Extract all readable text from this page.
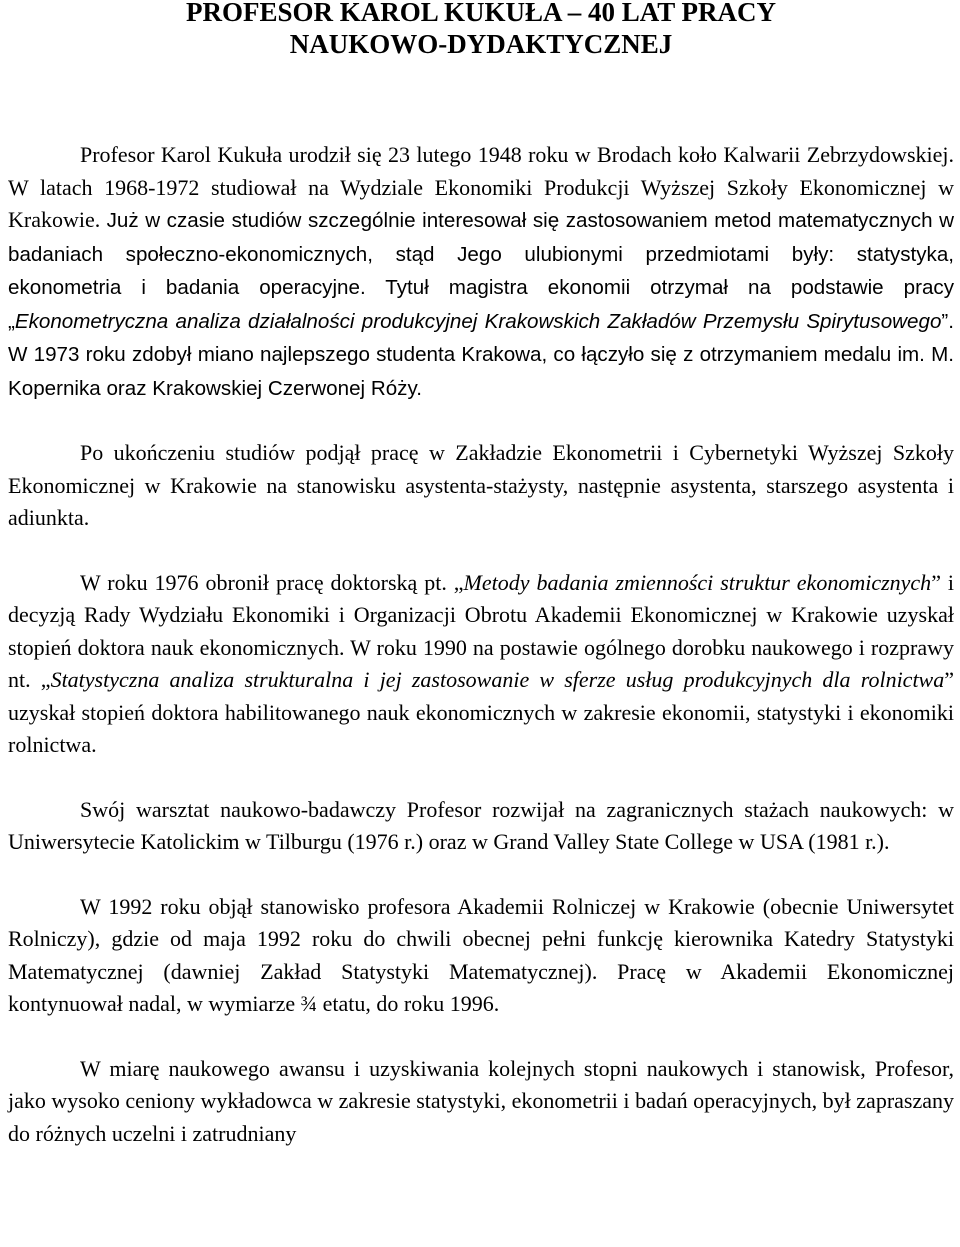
PROFESOR KAROL KUKUŁA – 40 LAT PRACY
NAUKOWO-DYDAKTYCZNEJ

Profesor Karol Kukuła urodził się 23 lutego 1948 roku w Brodach koło Kalwarii Zebrzydowskiej. W latach 1968-1972 studiował na Wydziale Ekonomiki Produkcji Wyższej Szkoły Ekonomicznej w Krakowie. Już w czasie studiów szczególnie interesował się zastosowaniem metod matematycznych w badaniach społeczno-ekonomicznych, stąd Jego ulubionymi przedmiotami były: statystyka, ekonometria i badania operacyjne. Tytuł magistra ekonomii otrzymał na podstawie pracy „Ekonometryczna analiza działalności produkcyjnej Krakowskich Zakładów Przemysłu Spirytusowego”. W 1973 roku zdobył miano najlepszego studenta Krakowa, co łączyło się z otrzymaniem medalu im. M. Kopernika oraz Krakowskiej Czerwonej Róży.

Po ukończeniu studiów podjął pracę w Zakładzie Ekonometrii i Cybernetyki Wyższej Szkoły Ekonomicznej w Krakowie na stanowisku asystenta-stażysty, następnie asystenta, starszego asystenta i adiunkta.

W roku 1976 obronił pracę doktorską pt. „Metody badania zmienności struktur ekonomicznych” i decyzją Rady Wydziału Ekonomiki i Organizacji Obrotu Akademii Ekonomicznej w Krakowie uzyskał stopień doktora nauk ekonomicznych. W roku 1990 na postawie ogólnego dorobku naukowego i rozprawy nt. „Statystyczna analiza strukturalna i jej zastosowanie w sferze usług produkcyjnych dla rolnictwa” uzyskał stopień doktora habilitowanego nauk ekonomicznych w zakresie ekonomii, statystyki i ekonomiki rolnictwa.

Swój warsztat naukowo-badawczy Profesor rozwijał na zagranicznych stażach naukowych: w Uniwersytecie Katolickim w Tilburgu (1976 r.) oraz w Grand Valley State College w USA (1981 r.).

W 1992 roku objął stanowisko profesora Akademii Rolniczej w Krakowie (obecnie Uniwersytet Rolniczy), gdzie od maja 1992 roku do chwili obecnej pełni funkcję kierownika Katedry Statystyki Matematycznej (dawniej Zakład Statystyki Matematycznej). Pracę w Akademii Ekonomicznej kontynuował nadal, w wymiarze ¾ etatu, do roku 1996.

W miarę naukowego awansu i uzyskiwania kolejnych stopni naukowych i stanowisk, Profesor, jako wysoko ceniony wykładowca w zakresie statystyki, ekonometrii i badań operacyjnych, był zapraszany do różnych uczelni i zatrudniany
